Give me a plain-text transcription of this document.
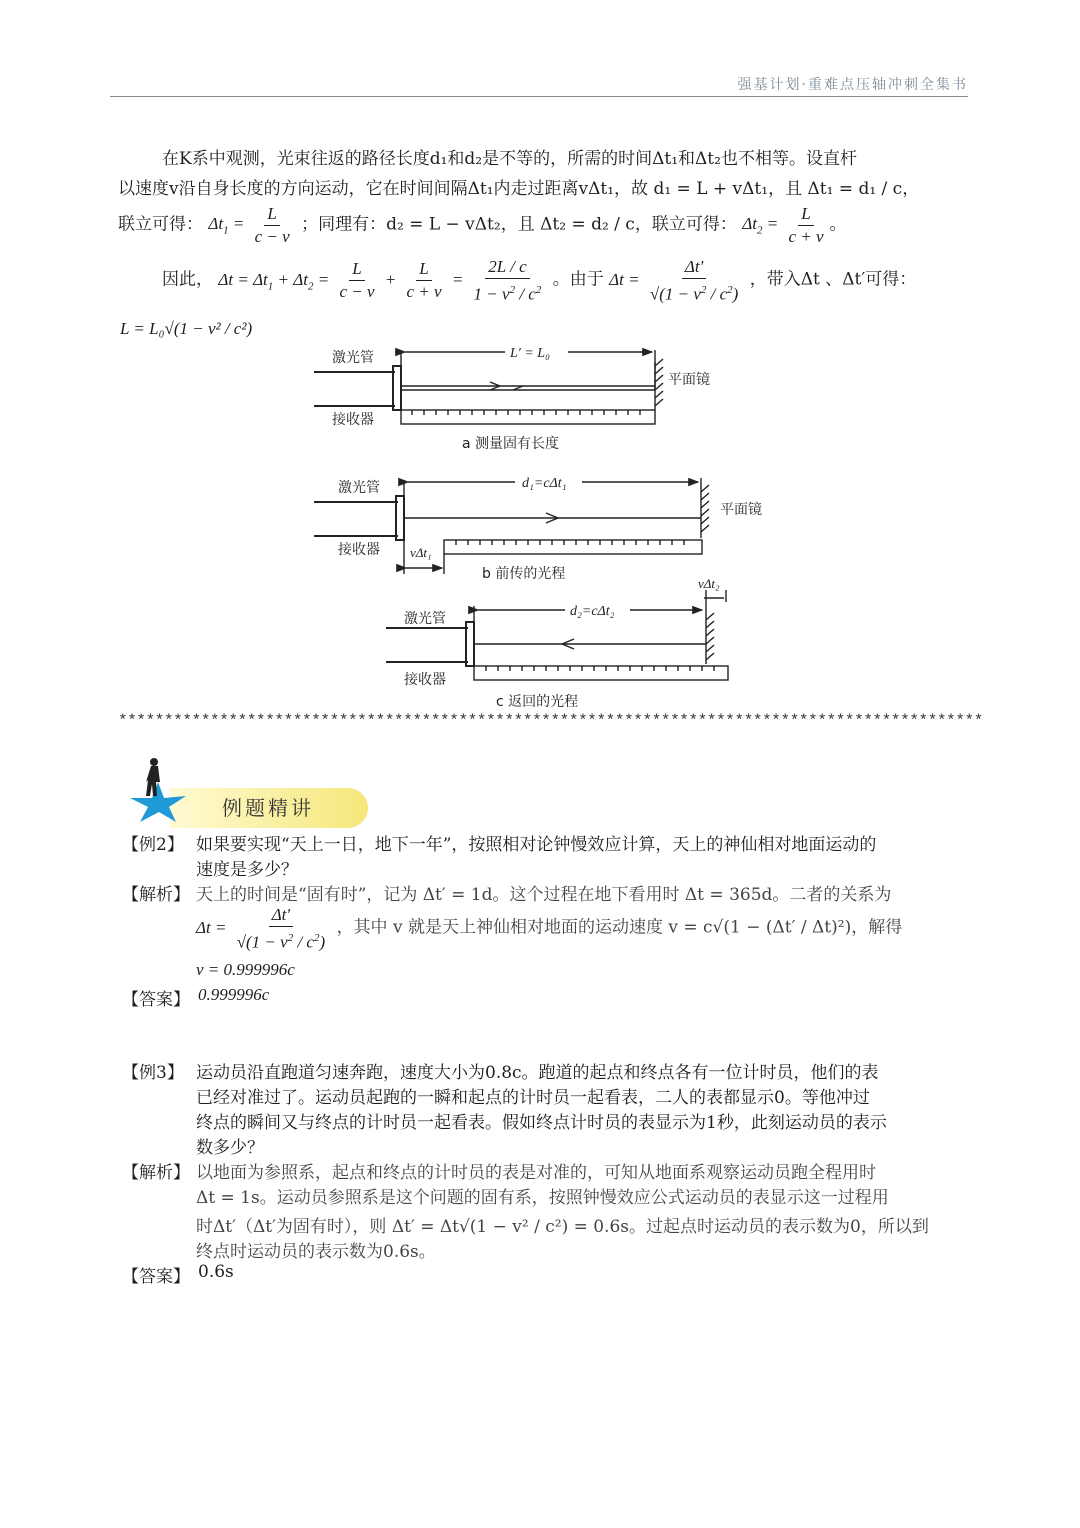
强基计划·重难点压轴冲刺全集书
在K系中观测，光束往返的路径长度d₁和d₂是不等的，所需的时间Δt₁和Δt₂也不相等。设直杆
以速度v沿自身长度的方向运动，它在时间间隔Δt₁内走过距离vΔt₁，故 d₁ = L + vΔt₁，且 Δt₁ = d₁ / c，
联立可得： $\Delta t_1 = \frac{L}{c - v}$ ；同理有：d₂ = L − vΔt₂，且 Δt₂ = d₂ / c，联立可得： $\Delta t_2 = \frac{L}{c + v}$ 。
因此， $\Delta t = \Delta t_1 + \Delta t_2 = \frac{L}{c - v} + \frac{L}{c + v} = \frac{2L / c}{1 - v^2 / c^2}$ 。由于 $\Delta t = \frac{\Delta t'}{√(1 - v^2 / c^2)}$ ，带入Δt 、Δt′可得：
L = L₀√(1 − v² / c²)
激光管
接收器
平面镜
L′ = L₀
a 测量固有长度
激光管
接收器
平面镜
d₁=cΔt₁
vΔt₁
b 前传的光程
激光管
接收器
d₂=cΔt₂
vΔt₂
c 返回的光程
**********************************************************************************************
例题精讲
【例2】 如果要实现“天上一日，地下一年”，按照相对论钟慢效应计算，天上的神仙相对地面运动的
速度是多少？
【解析】 天上的时间是“固有时”，记为 Δt′ = 1d。这个过程在地下看用时 Δt = 365d。二者的关系为
$\Delta t = \frac{\Delta t'}{√(1 - v^2 / c^2)}$ ，其中 v 就是天上神仙相对地面的运动速度 v = c√(1 − (Δt′ / Δt)²)，解得
v = 0.999996c
【答案】 0.999996c
【例3】 运动员沿直跑道匀速奔跑，速度大小为0.8c。跑道的起点和终点各有一位计时员，他们的表
已经对准过了。运动员起跑的一瞬和起点的计时员一起看表，二人的表都显示0。等他冲过
终点的瞬间又与终点的计时员一起看表。假如终点计时员的表显示为1秒，此刻运动员的表示
数多少？
【解析】 以地面为参照系，起点和终点的计时员的表是对准的，可知从地面系观察运动员跑全程用时
Δt = 1s。运动员参照系是这个问题的固有系，按照钟慢效应公式运动员的表显示这一过程用
时Δt′（Δt′为固有时），则 Δt′ = Δt√(1 − v² / c²) = 0.6s。过起点时运动员的表示数为0，所以到
终点时运动员的表示数为0.6s。
【答案】 0.6s
